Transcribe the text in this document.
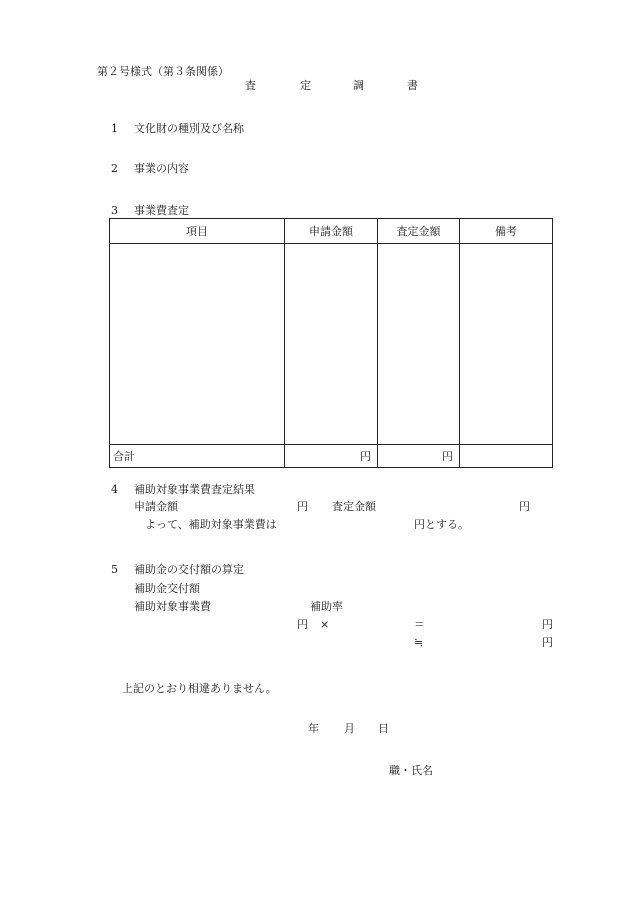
第２号様式（第３条関係）
査	定	調	書
1 文化財の種別及び名称
2 事業の内容
3 事業費査定
項目	申請金額	査定金額	備考

合計	円	円	
4 補助対象事業費査定結果
申請金額	円 査定金額	円
よって、補助対象事業費は	円とする。
5 補助金の交付額の算定
補助金交付額
補助対象事業費	補助率
円 ×	＝	円
≒	円
上記のとおり相違ありません。
年 月 日
職・氏名
